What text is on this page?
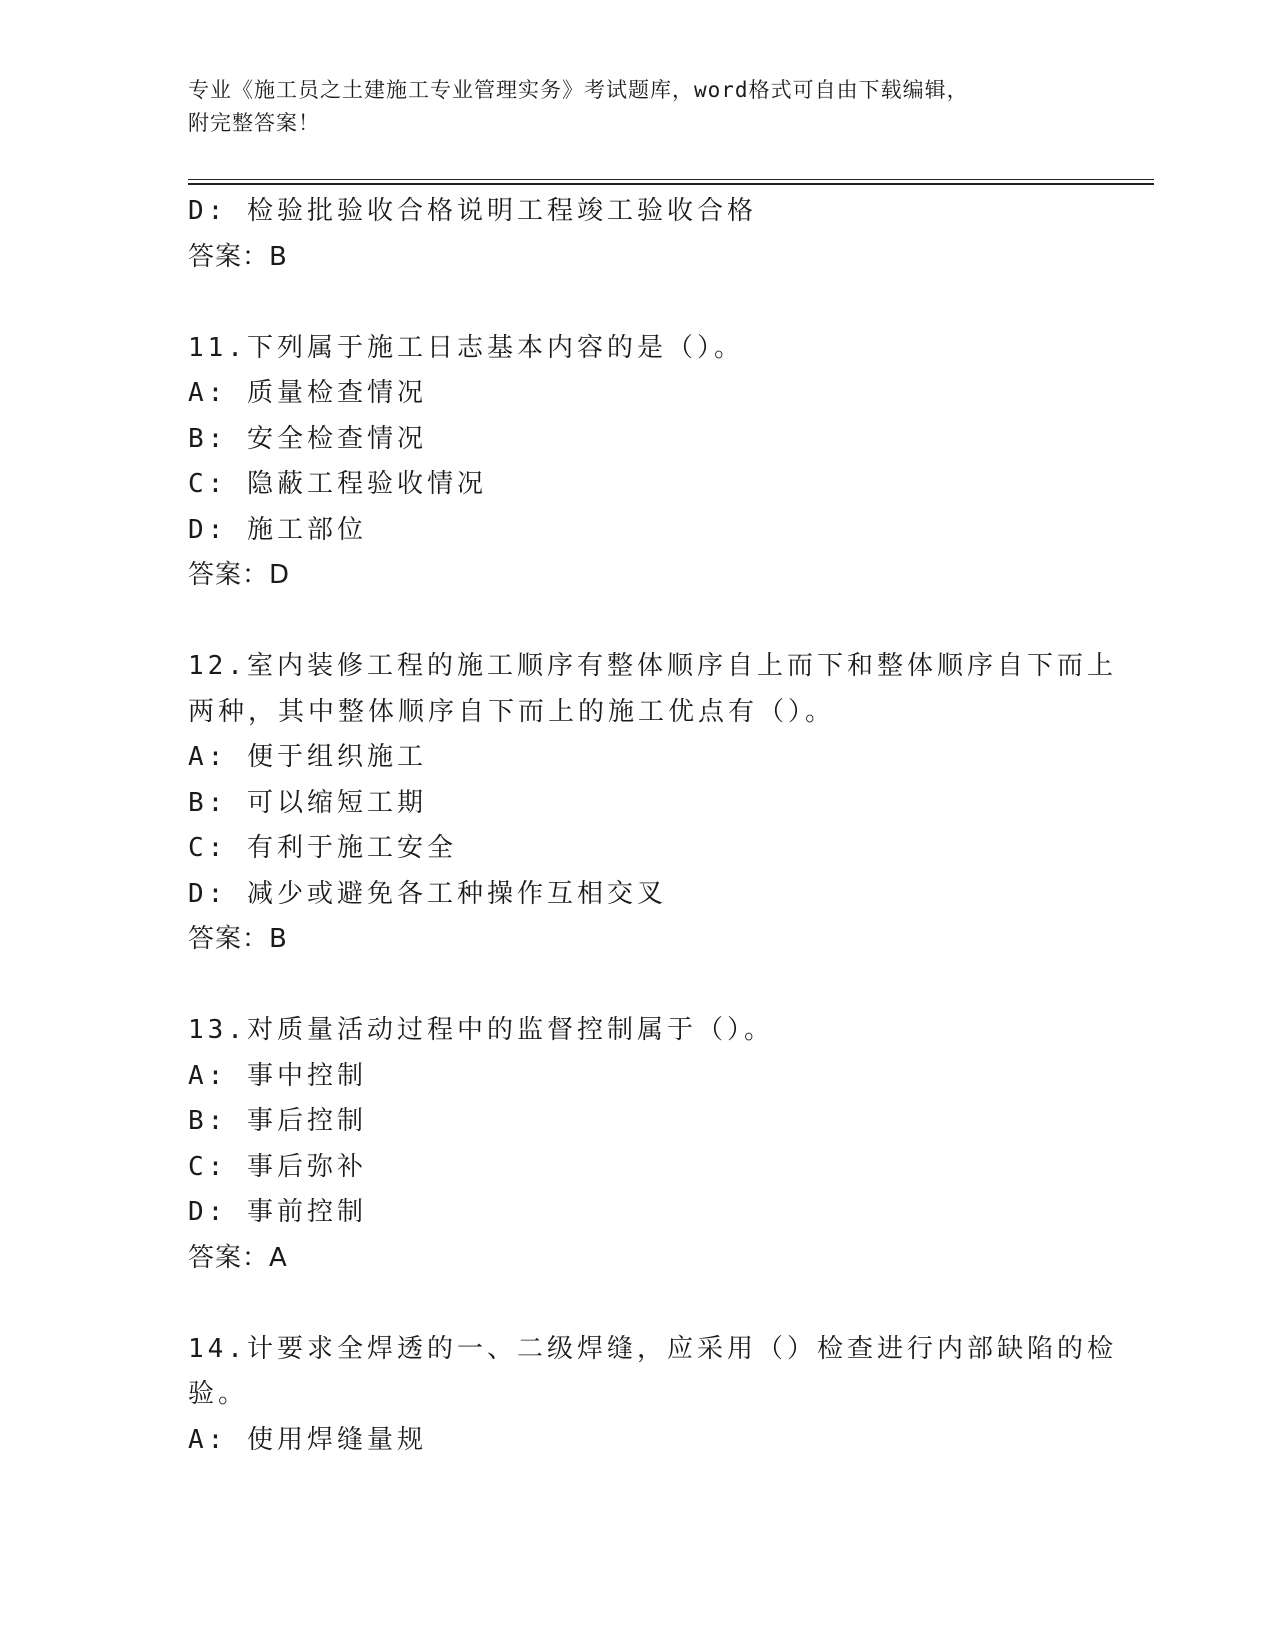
专业《施工员之土建施工专业管理实务》考试题库，word格式可自由下载编辑，
附完整答案！
D: 检验批验收合格说明工程竣工验收合格
答案：B
11.下列属于施工日志基本内容的是（）。
A: 质量检查情况
B: 安全检查情况
C: 隐蔽工程验收情况
D: 施工部位
答案：D
12.室内装修工程的施工顺序有整体顺序自上而下和整体顺序自下而上
两种，其中整体顺序自下而上的施工优点有（）。
A: 便于组织施工
B: 可以缩短工期
C: 有利于施工安全
D: 减少或避免各工种操作互相交叉
答案：B
13.对质量活动过程中的监督控制属于（）。
A: 事中控制
B: 事后控制
C: 事后弥补
D: 事前控制
答案：A
14.计要求全焊透的一、二级焊缝，应采用（）检查进行内部缺陷的检
验。
A: 使用焊缝量规
